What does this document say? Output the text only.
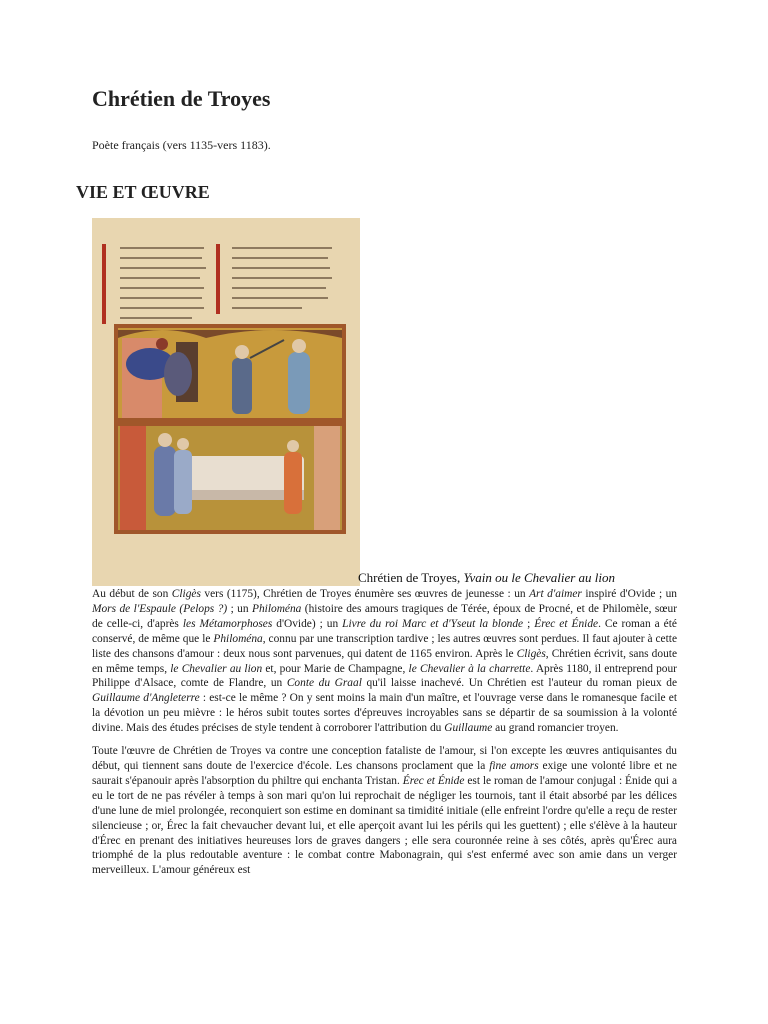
Chrétien de Troyes

Poète français (vers 1135-vers 1183).

VIE ET ŒUVRE
Chrétien de Troyes, Yvain ou le Chevalier au lion

Au début de son Cligès vers (1175), Chrétien de Troyes énumère ses œuvres de jeunesse : un Art d'aimer inspiré d'Ovide ; un Mors de l'Espaule (Pelops ?) ; un Philoména (histoire des amours tragiques de Térée, époux de Procné, et de Philomèle, sœur de celle-ci, d'après les Métamorphoses d'Ovide) ; un Livre du roi Marc et d'Yseut la blonde ; Érec et Énide. Ce roman a été conservé, de même que le Philoména, connu par une transcription tardive ; les autres œuvres sont perdues. Il faut ajouter à cette liste des chansons d'amour : deux nous sont parvenues, qui datent de 1165 environ. Après le Cligès, Chrétien écrivit, sans doute en même temps, le Chevalier au lion et, pour Marie de Champagne, le Chevalier à la charrette. Après 1180, il entreprend pour Philippe d'Alsace, comte de Flandre, un Conte du Graal qu'il laisse inachevé. Un Chrétien est l'auteur du roman pieux de Guillaume d'Angleterre : est-ce le même ? On y sent moins la main d'un maître, et l'ouvrage verse dans le romanesque facile et la dévotion un peu mièvre : le héros subit toutes sortes d'épreuves incroyables sans se départir de sa soumission à la volonté divine. Mais des études précises de style tendent à corroborer l'attribution du Guillaume au grand romancier troyen.

Toute l'œuvre de Chrétien de Troyes va contre une conception fataliste de l'amour, si l'on excepte les œuvres antiquisantes du début, qui tiennent sans doute de l'exercice d'école. Les chansons proclament que la fine amors exige une volonté libre et ne saurait s'épanouir après l'absorption du philtre qui enchanta Tristan. Érec et Énide est le roman de l'amour conjugal : Énide qui a eu le tort de ne pas révéler à temps à son mari qu'on lui reprochait de négliger les tournois, tant il était absorbé par les délices d'une lune de miel prolongée, reconquiert son estime en dominant sa timidité initiale (elle enfreint l'ordre qu'elle a reçu de rester silencieuse ; or, Érec la fait chevaucher devant lui, et elle aperçoit avant lui les périls qui les guettent) ; elle s'élève à la hauteur d'Érec en prenant des initiatives heureuses lors de graves dangers ; elle sera couronnée reine à ses côtés, après qu'Érec aura triomphé de la plus redoutable aventure : le combat contre Mabonagrain, qui s'est enfermé avec son amie dans un verger merveilleux. L'amour généreux est
